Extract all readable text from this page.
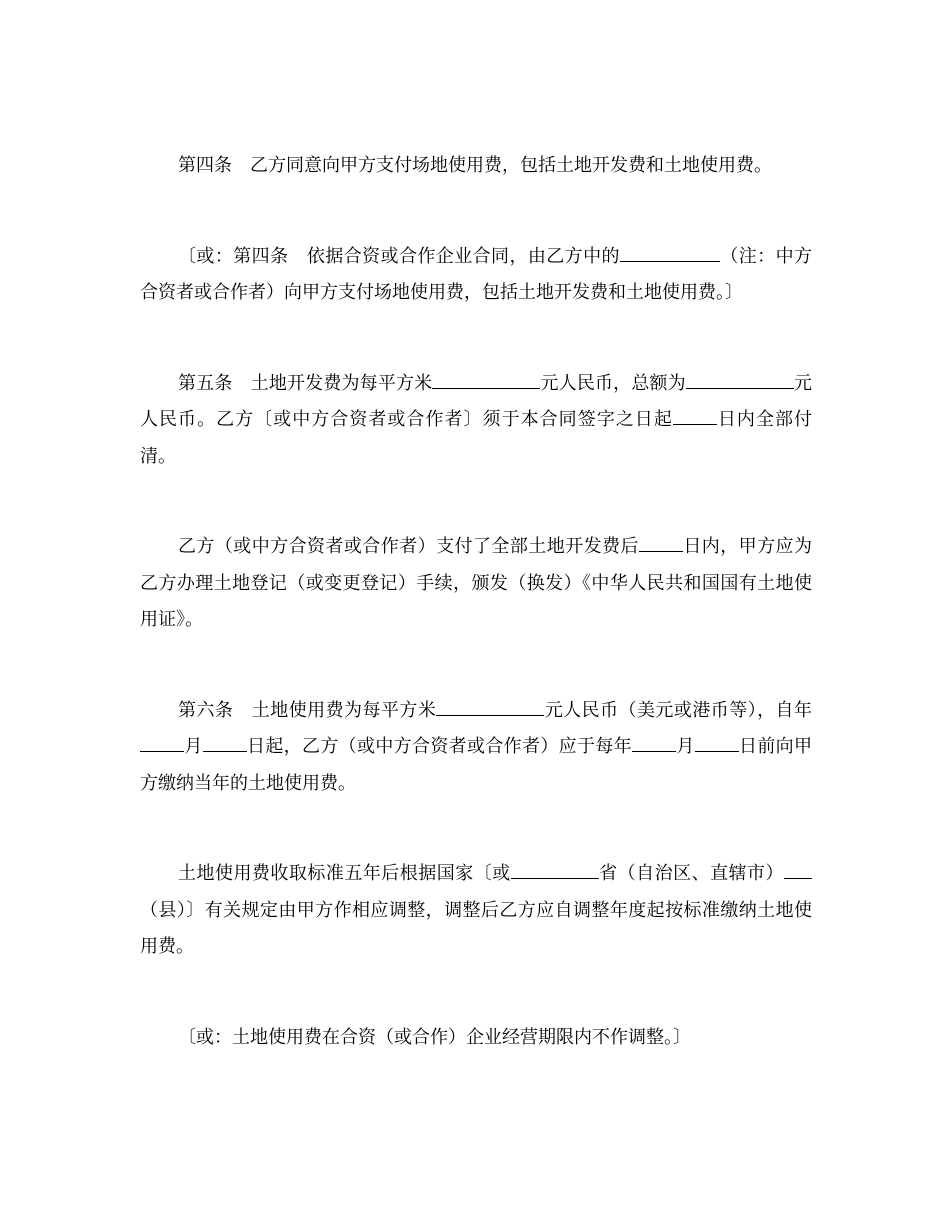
第四条　乙方同意向甲方支付场地使用费，包括土地开发费和土地使用费。

〔或：第四条　依据合资或合作企业合同，由乙方中的	（注：中方合资者或合作者）向甲方支付场地使用费，包括土地开发费和土地使用费。〕

第五条　土地开发费为每平方米	元人民币，总额为	元人民币。乙方〔或中方合资者或合作者〕须于本合同签字之日起 日内全部付清。

乙方（或中方合资者或合作者）支付了全部土地开发费后 日内，甲方应为乙方办理土地登记（或变更登记）手续，颁发（换发）《中华人民共和国国有土地使用证》。

第六条　土地使用费为每平方米	元人民币（美元或港币等），自年月 日起，乙方（或中方合资者或合作者）应于每年 月 日前向甲方缴纳当年的土地使用费。

土地使用费收取标准五年后根据国家〔或	省（自治区、直辖市）（县）〕有关规定由甲方作相应调整，调整后乙方应自调整年度起按标准缴纳土地使用费。

〔或：土地使用费在合资（或合作）企业经营期限内不作调整。〕
